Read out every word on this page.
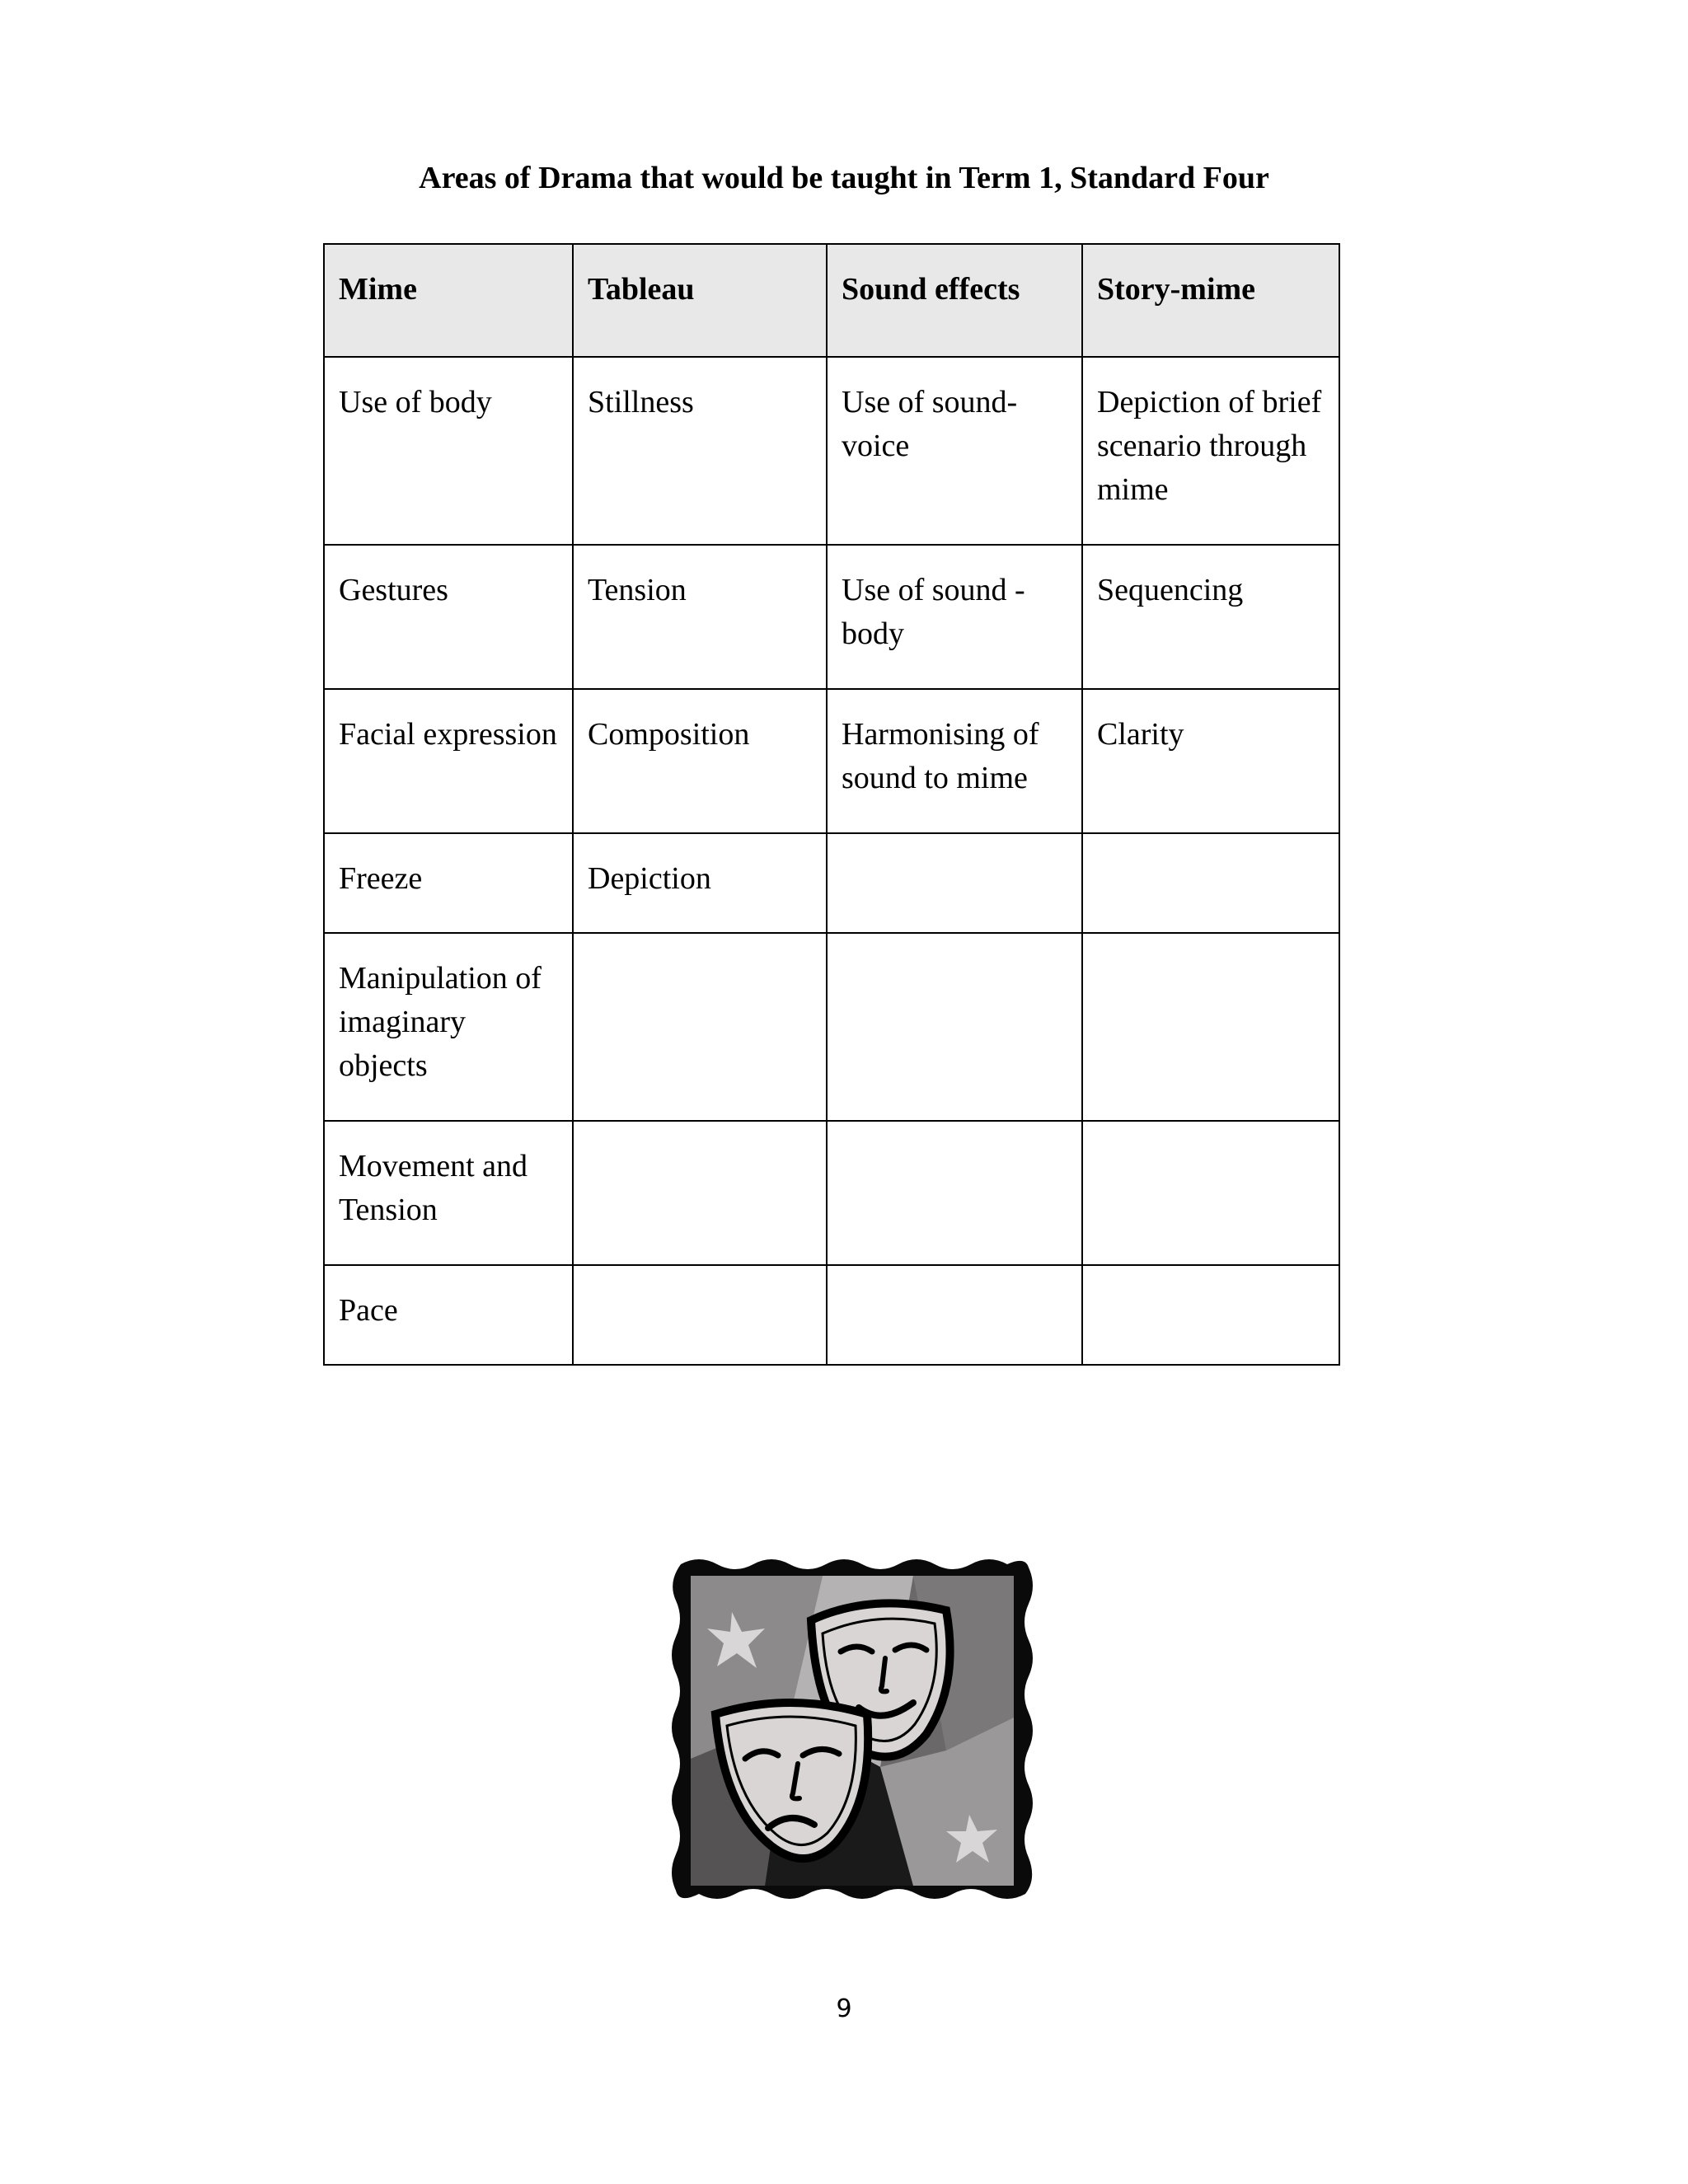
Areas of Drama that would be taught in Term 1, Standard Four
Mime	Tableau	Sound effects	Story-mime
Use of body	Stillness	Use of sound-voice	Depiction of brief scenario through mime
Gestures	Tension	Use of sound - body	Sequencing
Facial expression	Composition	Harmonising of sound to mime	Clarity
Freeze	Depiction		
Manipulation of imaginary objects			
Movement and Tension			
Pace			
9
